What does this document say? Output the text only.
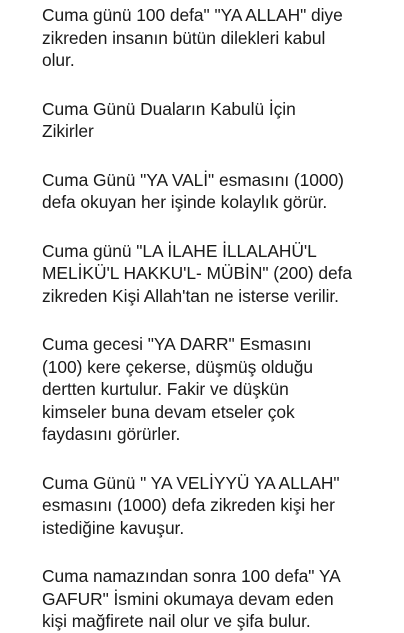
Cuma günü 100 defa" "YA ALLAH" diye
zikreden insanın bütün dilekleri kabul
olur.

Cuma Günü Duaların Kabulü İçin
Zikirler

Cuma Günü "YA VALİ" esmasını (1000)
defa okuyan her işinde kolaylık görür.

Cuma günü "LA İLAHE İLLALAHÜ'L
MELİKÜ'L HAKKU'L- MÜBİN" (200) defa
zikreden Kişi Allah'tan ne isterse verilir.

Cuma gecesi "YA DARR" Esmasını
(100) kere çekerse, düşmüş olduğu
dertten kurtulur. Fakir ve düşkün
kimseler buna devam etseler çok
faydasını görürler.

Cuma Günü " YA VELİYYÜ YA ALLAH"
esmasını (1000) defa zikreden kişi her
istediğine kavuşur.

Cuma namazından sonra 100 defa" YA
GAFUR" İsmini okumaya devam eden
kişi mağfirete nail olur ve şifa bulur.
